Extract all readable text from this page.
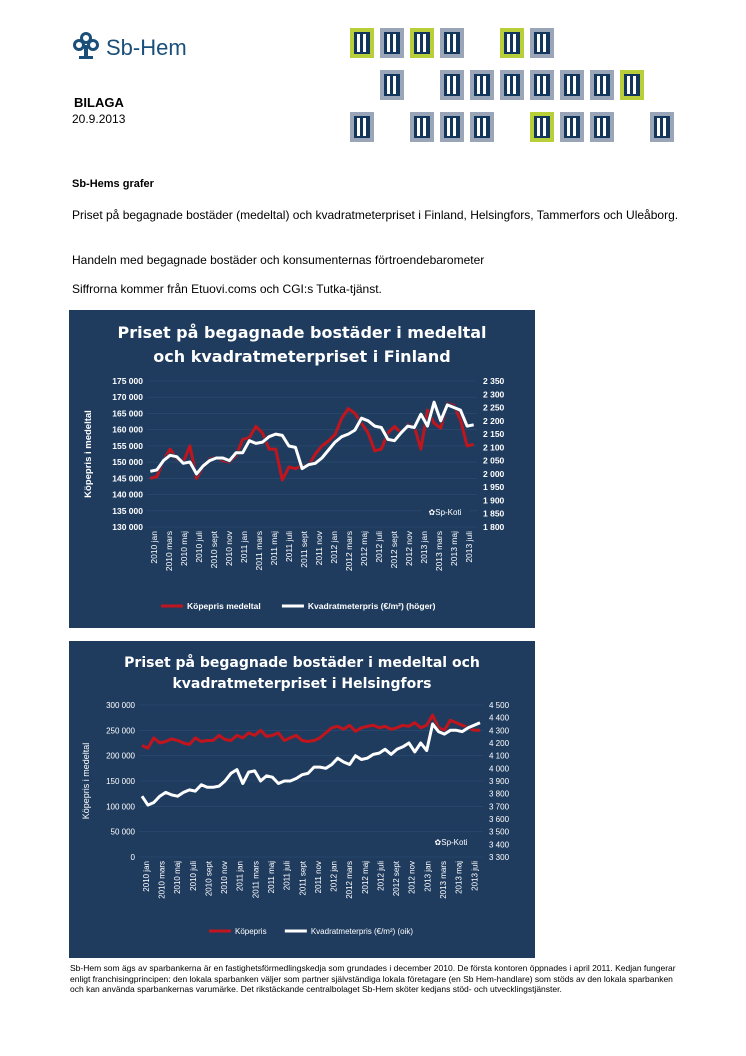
Sb-Hem
BILAGA
20.9.2013
Sb-Hems grafer
Priset på begagnade bostäder (medeltal) och kvadratmeterpriset i Finland, Helsingfors, Tammerfors och Uleåborg.
Handeln med begagnade bostäder och konsumenternas förtroendebarometer
Siffrorna kommer från Etuovi.coms och CGI:s Tutka-tjänst.
Priset på begagnade bostäder i medeltal
och kvadratmeterpriset i Finland
175 000
170 000
165 000
160 000
155 000
150 000
145 000
140 000
135 000
130 000
2 350
2 300
2 250
2 200
2 150
2 100
2 050
2 000
1 950
1 900
1 850
1 800
Köpepris i medeltal
2010 jan 2010 mars 2010 maj 2010 juli 2010 sept 2010 nov 2011 jan 2011 mars 2011 maj 2011 juli 2011 sept 2011 nov 2012 jan 2012 mars 2012 maj 2012 juli 2012 sept 2012 nov 2013 jan 2013 mars 2013 maj 2013 juli
✿Sp-Koti
Köpepris medeltal	Kvadratmeterpris (€/m²) (höger)
Priset på begagnade bostäder i medeltal och
kvadratmeterpriset i Helsingfors
300 000
250 000
200 000
150 000
100 000
50 000
0
4 500
4 400
4 300
4 200
4 100
4 000
3 900
3 800
3 700
3 600
3 500
3 400
3 300
Köpepris i medeltal
2010 jan 2010 mars 2010 maj 2010 juli 2010 sept 2010 nov 2011 jan 2011 mars 2011 maj 2011 juli 2011 sept 2011 nov 2012 jan 2012 mars 2012 maj 2012 juli 2012 sept 2012 nov 2013 jan 2013 mars 2013 maj 2013 juli
✿Sp-Koti
Köpepris	Kvadratmeterpris (€/m²) (oik)
Sb-Hem som ägs av sparbankerna är en fastighetsförmedlingskedja som grundades i december 2010. De första kontoren öppnades i april 2011. Kedjan fungerar enligt franchisingprincipen: den lokala sparbanken väljer som partner självständiga lokala företagare (en Sb Hem-handlare) som stöds av den lokala sparbanken och kan använda sparbankernas varumärke. Det rikstäckande centralbolaget Sb-Hem sköter kedjans stöd- och utvecklingstjänster.
